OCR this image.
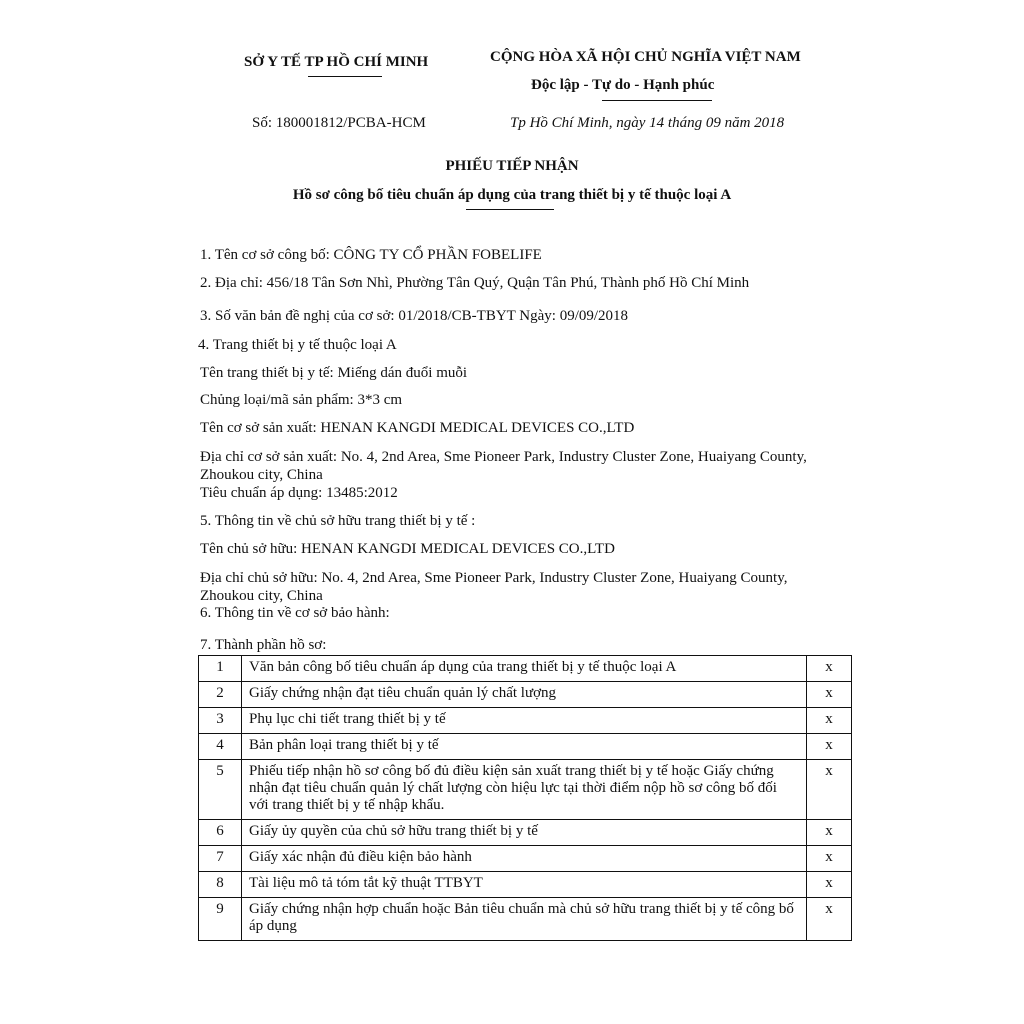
SỞ Y TẾ TP HỒ CHÍ MINH	CỘNG HÒA XÃ HỘI CHỦ NGHĨA VIỆT NAM
Độc lập - Tự do - Hạnh phúc
Số: 180001812/PCBA-HCM	Tp Hồ Chí Minh, ngày 14 tháng 09 năm 2018
PHIẾU TIẾP NHẬN
Hồ sơ công bố tiêu chuẩn áp dụng của trang thiết bị y tế thuộc loại A
1. Tên cơ sở công bố: CÔNG TY CỔ PHẦN FOBELIFE
2. Địa chỉ: 456/18 Tân Sơn Nhì, Phường Tân Quý, Quận Tân Phú, Thành phố Hồ Chí Minh
3. Số văn bản đề nghị của cơ sở: 01/2018/CB-TBYT Ngày: 09/09/2018
4. Trang thiết bị y tế thuộc loại A
Tên trang thiết bị y tế: Miếng dán đuổi muỗi
Chủng loại/mã sản phẩm: 3*3 cm
Tên cơ sở sản xuất: HENAN KANGDI MEDICAL DEVICES CO.,LTD
Địa chỉ cơ sở sản xuất: No. 4, 2nd Area, Sme Pioneer Park, Industry Cluster Zone, Huaiyang County, Zhoukou city, China
Tiêu chuẩn áp dụng: 13485:2012
5. Thông tin về chủ sở hữu trang thiết bị y tế :
Tên chủ sở hữu: HENAN KANGDI MEDICAL DEVICES CO.,LTD
Địa chỉ chủ sở hữu: No. 4, 2nd Area, Sme Pioneer Park, Industry Cluster Zone, Huaiyang County, Zhoukou city, China
6. Thông tin về cơ sở bảo hành:
7. Thành phần hồ sơ:
1	Văn bản công bố tiêu chuẩn áp dụng của trang thiết bị y tế thuộc loại A	x
2	Giấy chứng nhận đạt tiêu chuẩn quản lý chất lượng	x
3	Phụ lục chi tiết trang thiết bị y tế	x
4	Bản phân loại trang thiết bị y tế	x
5	Phiếu tiếp nhận hồ sơ công bố đủ điều kiện sản xuất trang thiết bị y tế hoặc Giấy chứng nhận đạt tiêu chuẩn quản lý chất lượng còn hiệu lực tại thời điểm nộp hồ sơ công bố đối với trang thiết bị y tế nhập khẩu.	x
6	Giấy ủy quyền của chủ sở hữu trang thiết bị y tế	x
7	Giấy xác nhận đủ điều kiện bảo hành	x
8	Tài liệu mô tả tóm tắt kỹ thuật TTBYT	x
9	Giấy chứng nhận hợp chuẩn hoặc Bản tiêu chuẩn mà chủ sở hữu trang thiết bị y tế công bố áp dụng	x
